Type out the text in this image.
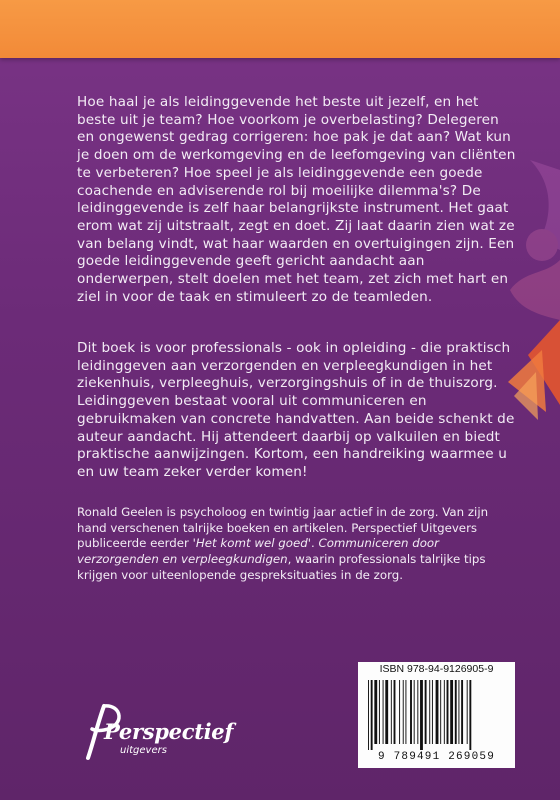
Hoe haal je als leidinggevende het beste uit jezelf, en het beste uit je team? Hoe voorkom je overbelasting? Delegeren en ongewenst gedrag corrigeren: hoe pak je dat aan? Wat kun je doen om de werkomgeving en de leefomgeving van cliënten te verbeteren? Hoe speel je als leidinggevende een goede coachende en adviserende rol bij moeilijke dilemma's? De leidinggevende is zelf haar belangrijkste instrument. Het gaat erom wat zij uitstraalt, zegt en doet. Zij laat daarin zien wat ze van belang vindt, wat haar waarden en overtuigingen zijn. Een goede leidinggevende geeft gericht aandacht aan onderwerpen, stelt doelen met het team, zet zich met hart en ziel in voor de taak en stimuleert zo de teamleden.

Dit boek is voor professionals - ook in opleiding - die praktisch leidinggeven aan verzorgenden en verpleegkundigen in het ziekenhuis, verpleeghuis, verzorgingshuis of in de thuiszorg. Leidinggeven bestaat vooral uit communiceren en gebruikmaken van concrete handvatten. Aan beide schenkt de auteur aandacht. Hij attendeert daarbij op valkuilen en biedt praktische aanwijzingen. Kortom, een handreiking waarmee u en uw team zeker verder komen!

Ronald Geelen is psycholoog en twintig jaar actief in de zorg. Van zijn hand verschenen talrijke boeken en artikelen. Perspectief Uitgevers publiceerde eerder 'Het komt wel goed'. Communiceren door verzorgenden en verpleegkundigen, waarin professionals talrijke tips krijgen voor uiteenlopende gespreksituaties in de zorg.

ISBN 978-94-9126905-9
9 789491 269059
Perspectief
uitgevers
